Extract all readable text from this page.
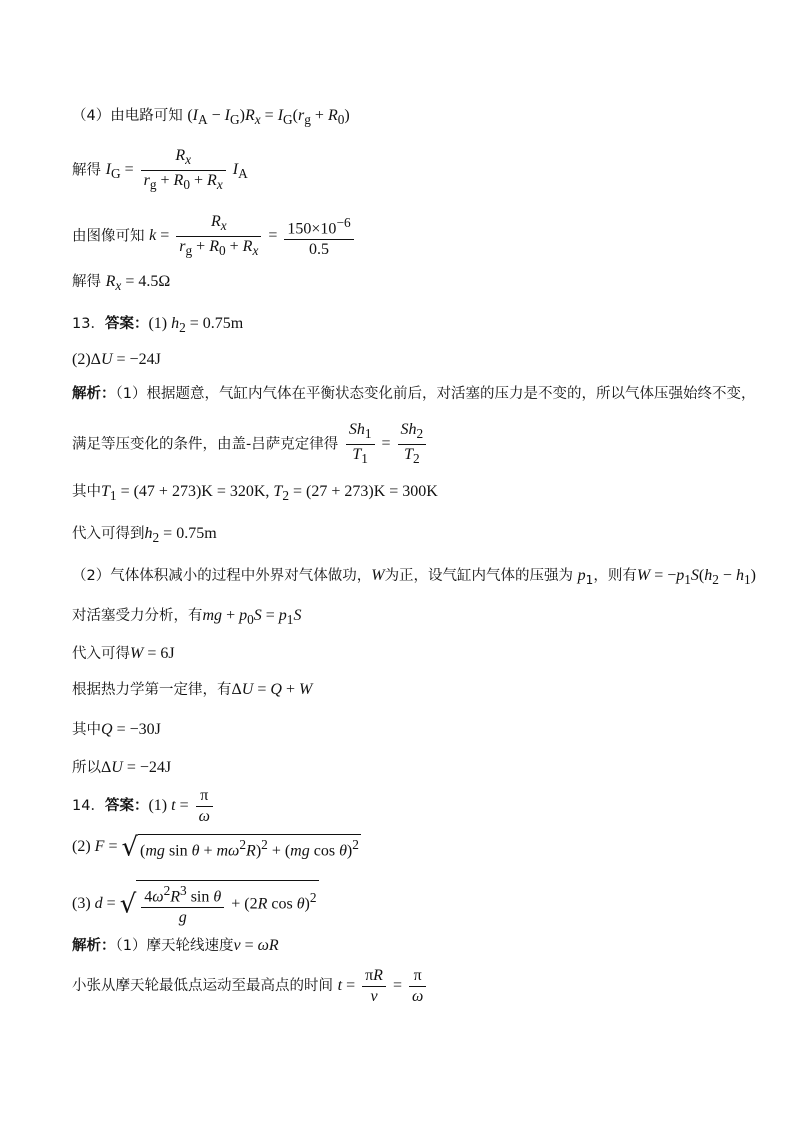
（4）由电路可知 $(I_A - I_G)R_x = I_G(r_g + R_0)$
解得 $I_G = \frac{R_x}{r_g + R_0 + R_x} I_A$
由图像可知 $k = \frac{R_x}{r_g + R_0 + R_x} = \frac{150\times 10^{-6}}{0.5}$
解得 $R_x = 4.5\Omega$
13．答案：(1) $h_2 = 0.75m$
(2)ΔU = −24J
解析：（1）根据题意，气缸内气体在平衡状态变化前后，对活塞的压力是不变的，所以气体压强始终不变，
满足等压变化的条件，由盖-吕萨克定律得 $\frac{Sh_1}{T_1} = \frac{Sh_2}{T_2}$
其中$T_1 = (47 + 273)K = 320K$, $T_2 = (27 + 273)K = 300K$
代入可得到$h_2 = 0.75m$
（2）气体体积减小的过程中外界对气体做功，W为正，设气缸内气体的压强为 $p_1$，则有$W = -p_1S(h_2 - h_1)$
对活塞受力分析，有mg + $p_0S = p_1S$
代入可得W = 6J
根据热力学第一定律，有ΔU = Q + W
其中Q = −30J
所以ΔU = −24J
14．答案：(1) $t = \frac{\pi}{\omega}$
(2) F = √ (mg $\sin \theta + m\omega^2R)^2 + (mg$ cos θ)$^2$
(3) d = √ $\frac{4\omega^2R^3 \sin \theta}{g} + (2R$ cos θ)$^2$
解析：（1）摩天轮线速度v = ωR
小张从摩天轮最低点运动至最高点的时间 $t = \frac{\pi R}{v} = \frac{\pi}{\omega}$
